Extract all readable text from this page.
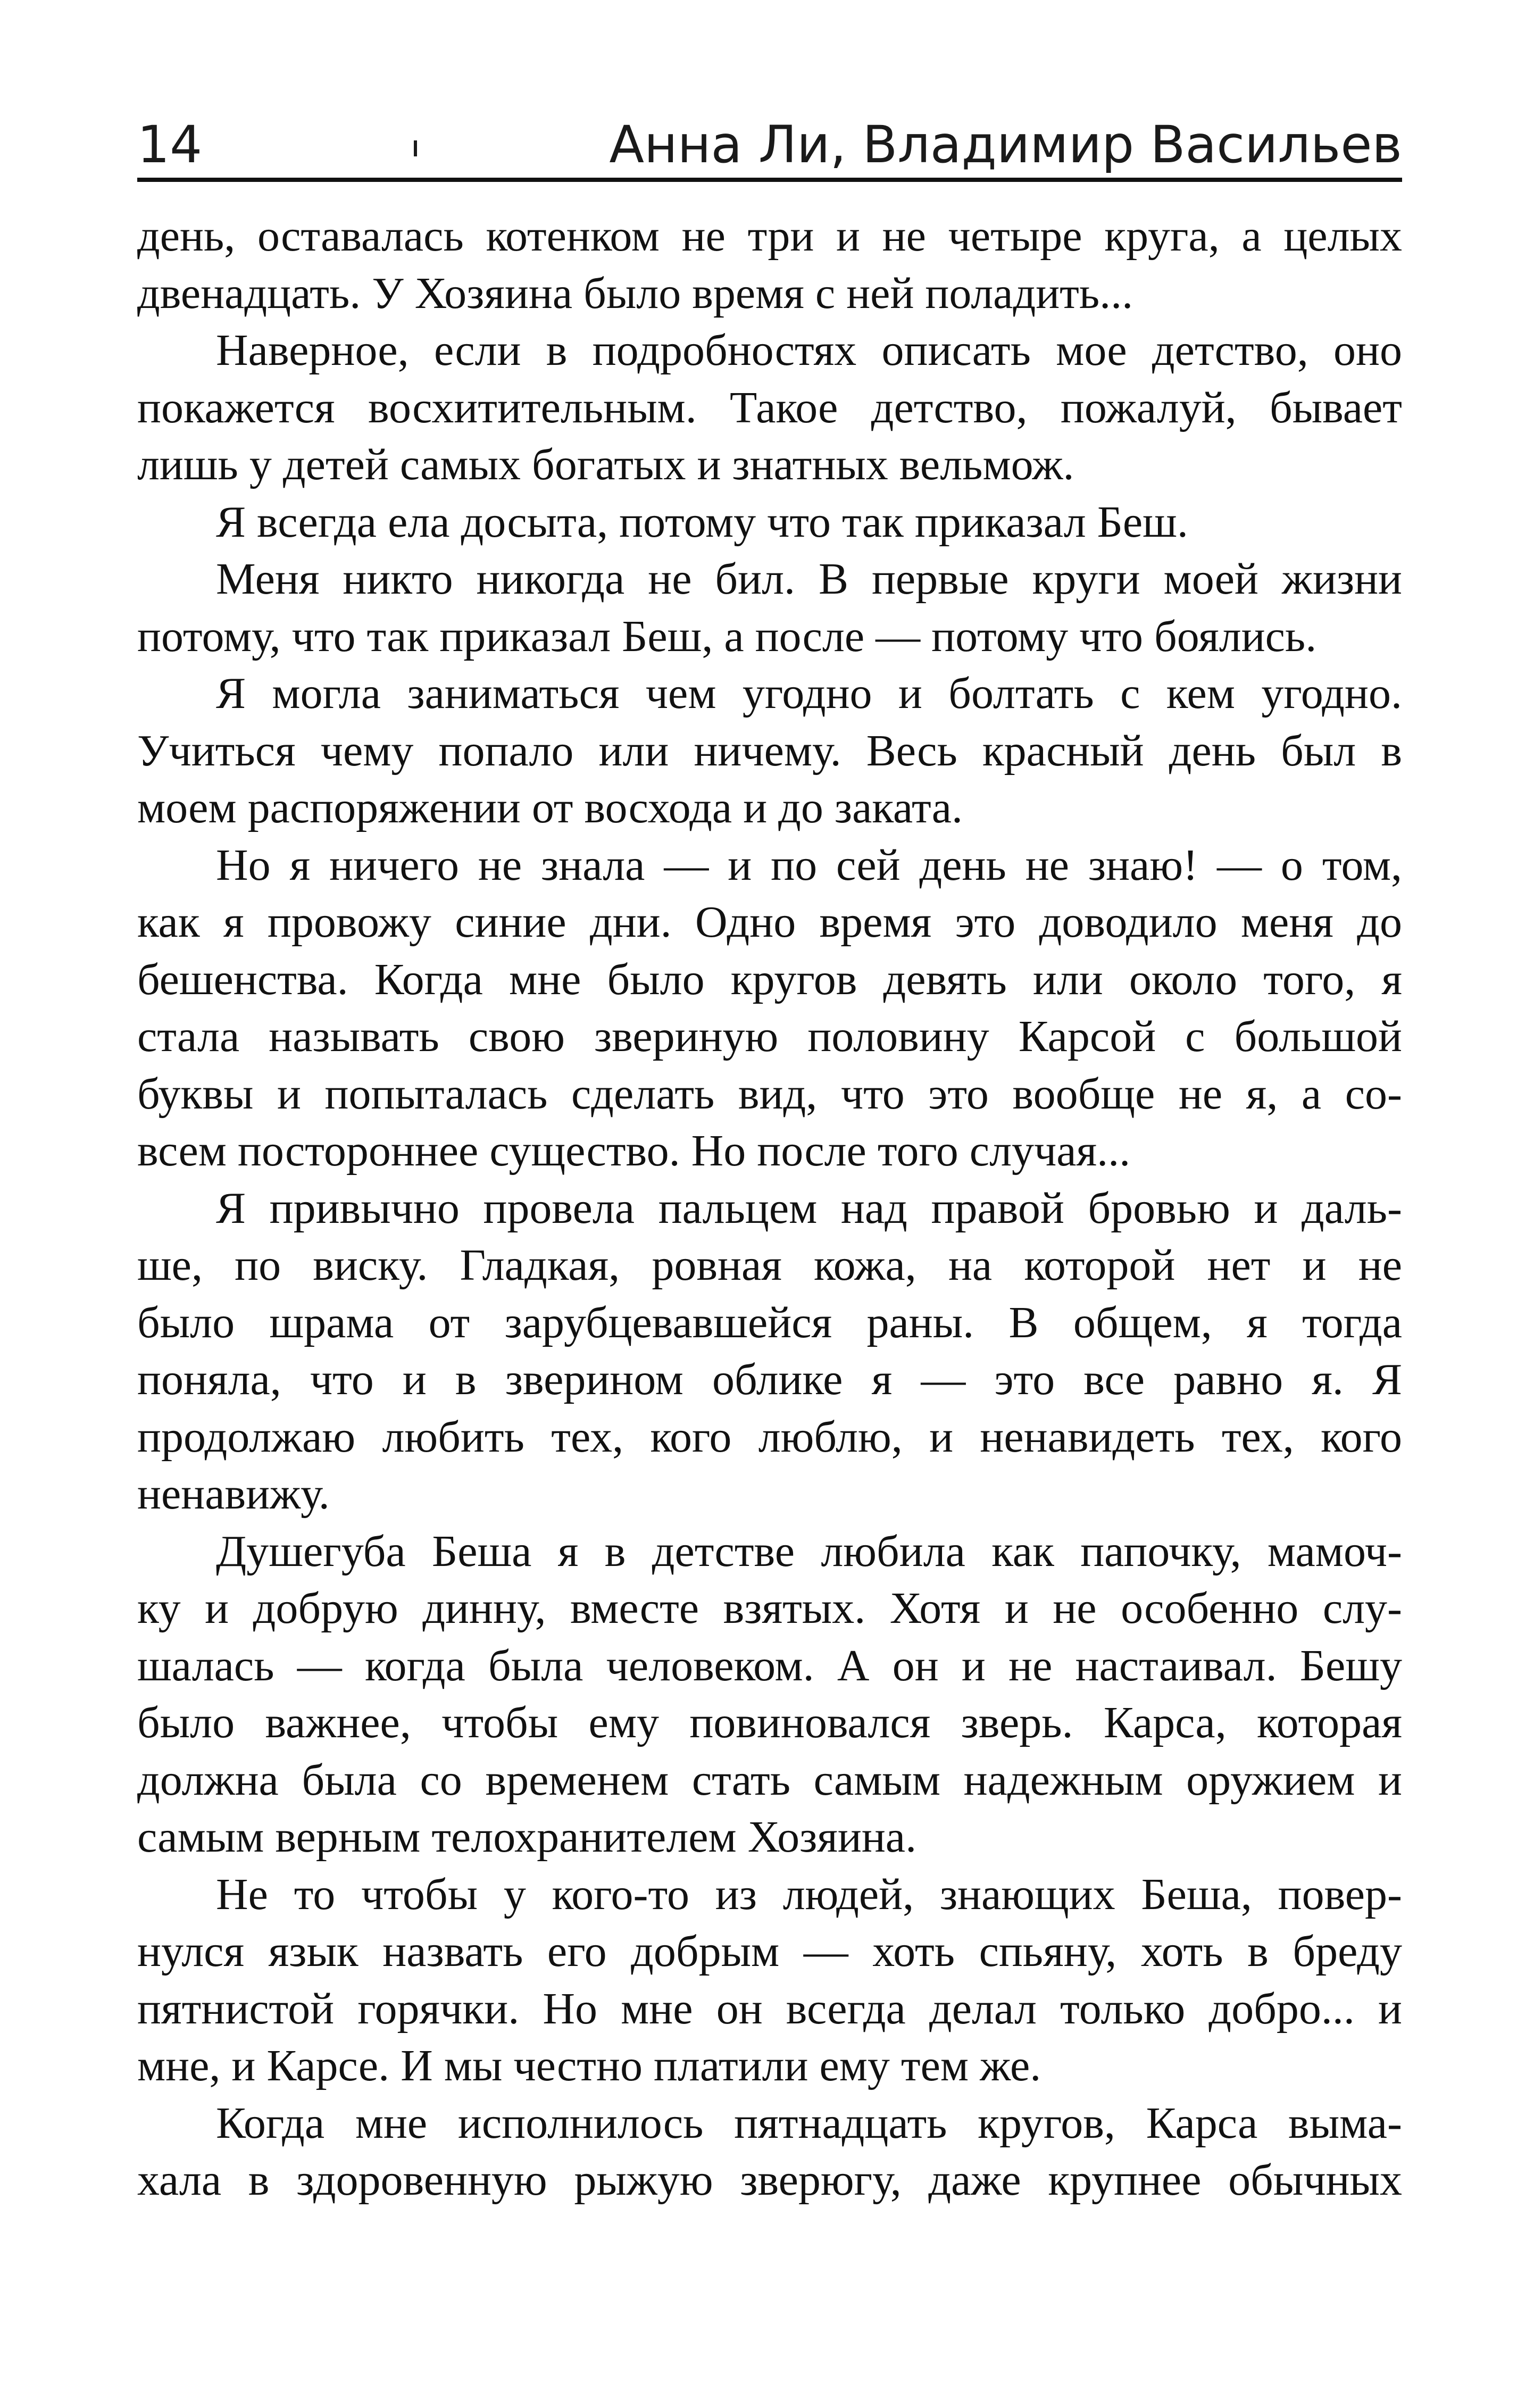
14	Анна Ли, Владимир Васильев
день, оставалась котенком не три и не четыре круга, а целых
двенадцать. У Хозяина было время с ней поладить...
Наверное, если в подробностях описать мое детство, оно
покажется восхитительным. Такое детство, пожалуй, бывает
лишь у детей самых богатых и знатных вельмож.
Я всегда ела досыта, потому что так приказал Беш.
Меня никто никогда не бил. В первые круги моей жизни
потому, что так приказал Беш, а после — потому что боялись.
Я могла заниматься чем угодно и болтать с кем угодно.
Учиться чему попало или ничему. Весь красный день был в
моем распоряжении от восхода и до заката.
Но я ничего не знала — и по сей день не знаю! — о том,
как я провожу синие дни. Одно время это доводило меня до
бешенства. Когда мне было кругов девять или около того, я
стала называть свою звериную половину Карсой с большой
буквы и попыталась сделать вид, что это вообще не я, а со-
всем постороннее существо. Но после того случая...
Я привычно провела пальцем над правой бровью и даль-
ше, по виску. Гладкая, ровная кожа, на которой нет и не
было шрама от зарубцевавшейся раны. В общем, я тогда
поняла, что и в зверином облике я — это все равно я. Я
продолжаю любить тех, кого люблю, и ненавидеть тех, кого
ненавижу.
Душегуба Беша я в детстве любила как папочку, мамоч-
ку и добрую динну, вместе взятых. Хотя и не особенно слу-
шалась — когда была человеком. А он и не настаивал. Бешу
было важнее, чтобы ему повиновался зверь. Карса, которая
должна была со временем стать самым надежным оружием и
самым верным телохранителем Хозяина.
Не то чтобы у кого-то из людей, знающих Беша, повер-
нулся язык назвать его добрым — хоть спьяну, хоть в бреду
пятнистой горячки. Но мне он всегда делал только добро... и
мне, и Карсе. И мы честно платили ему тем же.
Когда мне исполнилось пятнадцать кругов, Карса выма-
хала в здоровенную рыжую зверюгу, даже крупнее обычных
